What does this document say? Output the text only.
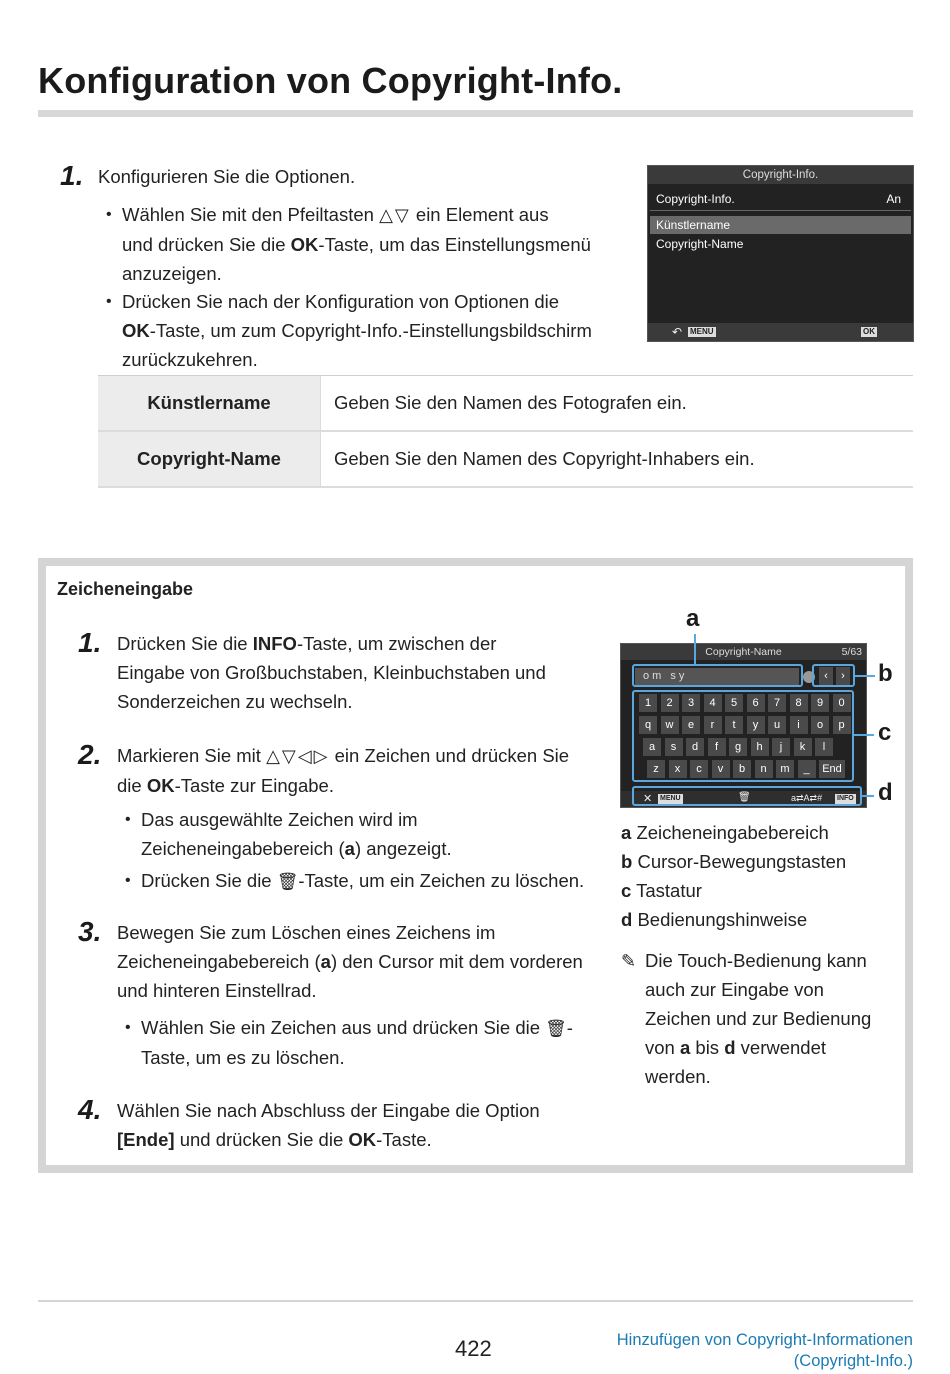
Konfiguration von Copyright-Info.
1. Konfigurieren Sie die Optionen.
• Wählen Sie mit den Pfeiltasten △▽ ein Element aus
und drücken Sie die OK-Taste, um das Einstellungsmenü
anzuzeigen.
• Drücken Sie nach der Konfiguration von Optionen die
OK-Taste, um zum Copyright-Info.-Einstellungsbildschirm
zurückzukehren.
Copyright-Info.
Copyright-Info.	An
Künstlername
Copyright-Name
↶ MENU	OK
Künstlername	Geben Sie den Namen des Fotografen ein.
Copyright-Name	Geben Sie den Namen des Copyright-Inhabers ein.
Zeicheneingabe
1. Drücken Sie die INFO-Taste, um zwischen der
Eingabe von Großbuchstaben, Kleinbuchstaben und
Sonderzeichen zu wechseln.
2. Markieren Sie mit △▽◁▷ ein Zeichen und drücken Sie
die OK-Taste zur Eingabe.
• Das ausgewählte Zeichen wird im
Zeicheneingabebereich (a) angezeigt.
• Drücken Sie die 🗑-Taste, um ein Zeichen zu löschen.
3. Bewegen Sie zum Löschen eines Zeichens im
Zeicheneingabebereich (a) den Cursor mit dem vorderen
und hinteren Einstellrad.
• Wählen Sie ein Zeichen aus und drücken Sie die 🗑-
Taste, um es zu löschen.
4. Wählen Sie nach Abschluss der Eingabe die Option
[Ende] und drücken Sie die OK-Taste.
Copyright-Name	5/63
om sy	‹	›
1	2	3	4	5	6	7	8	9	0
q	w	e	r	t	y	u	i	o	p
a	s	d	f	g	h	j	k	l
z	x	c	v	b	n	m	_	End
✕ MENU	🗑	a⇄A⇄# INFO
a
b
c
d
a Zeicheneingabebereich
b Cursor-Bewegungstasten
c Tastatur
d Bedienungshinweise
✎ Die Touch-Bedienung kann
auch zur Eingabe von
Zeichen und zur Bedienung
von a bis d verwendet
werden.
422	Hinzufügen von Copyright-Informationen
(Copyright-Info.)
